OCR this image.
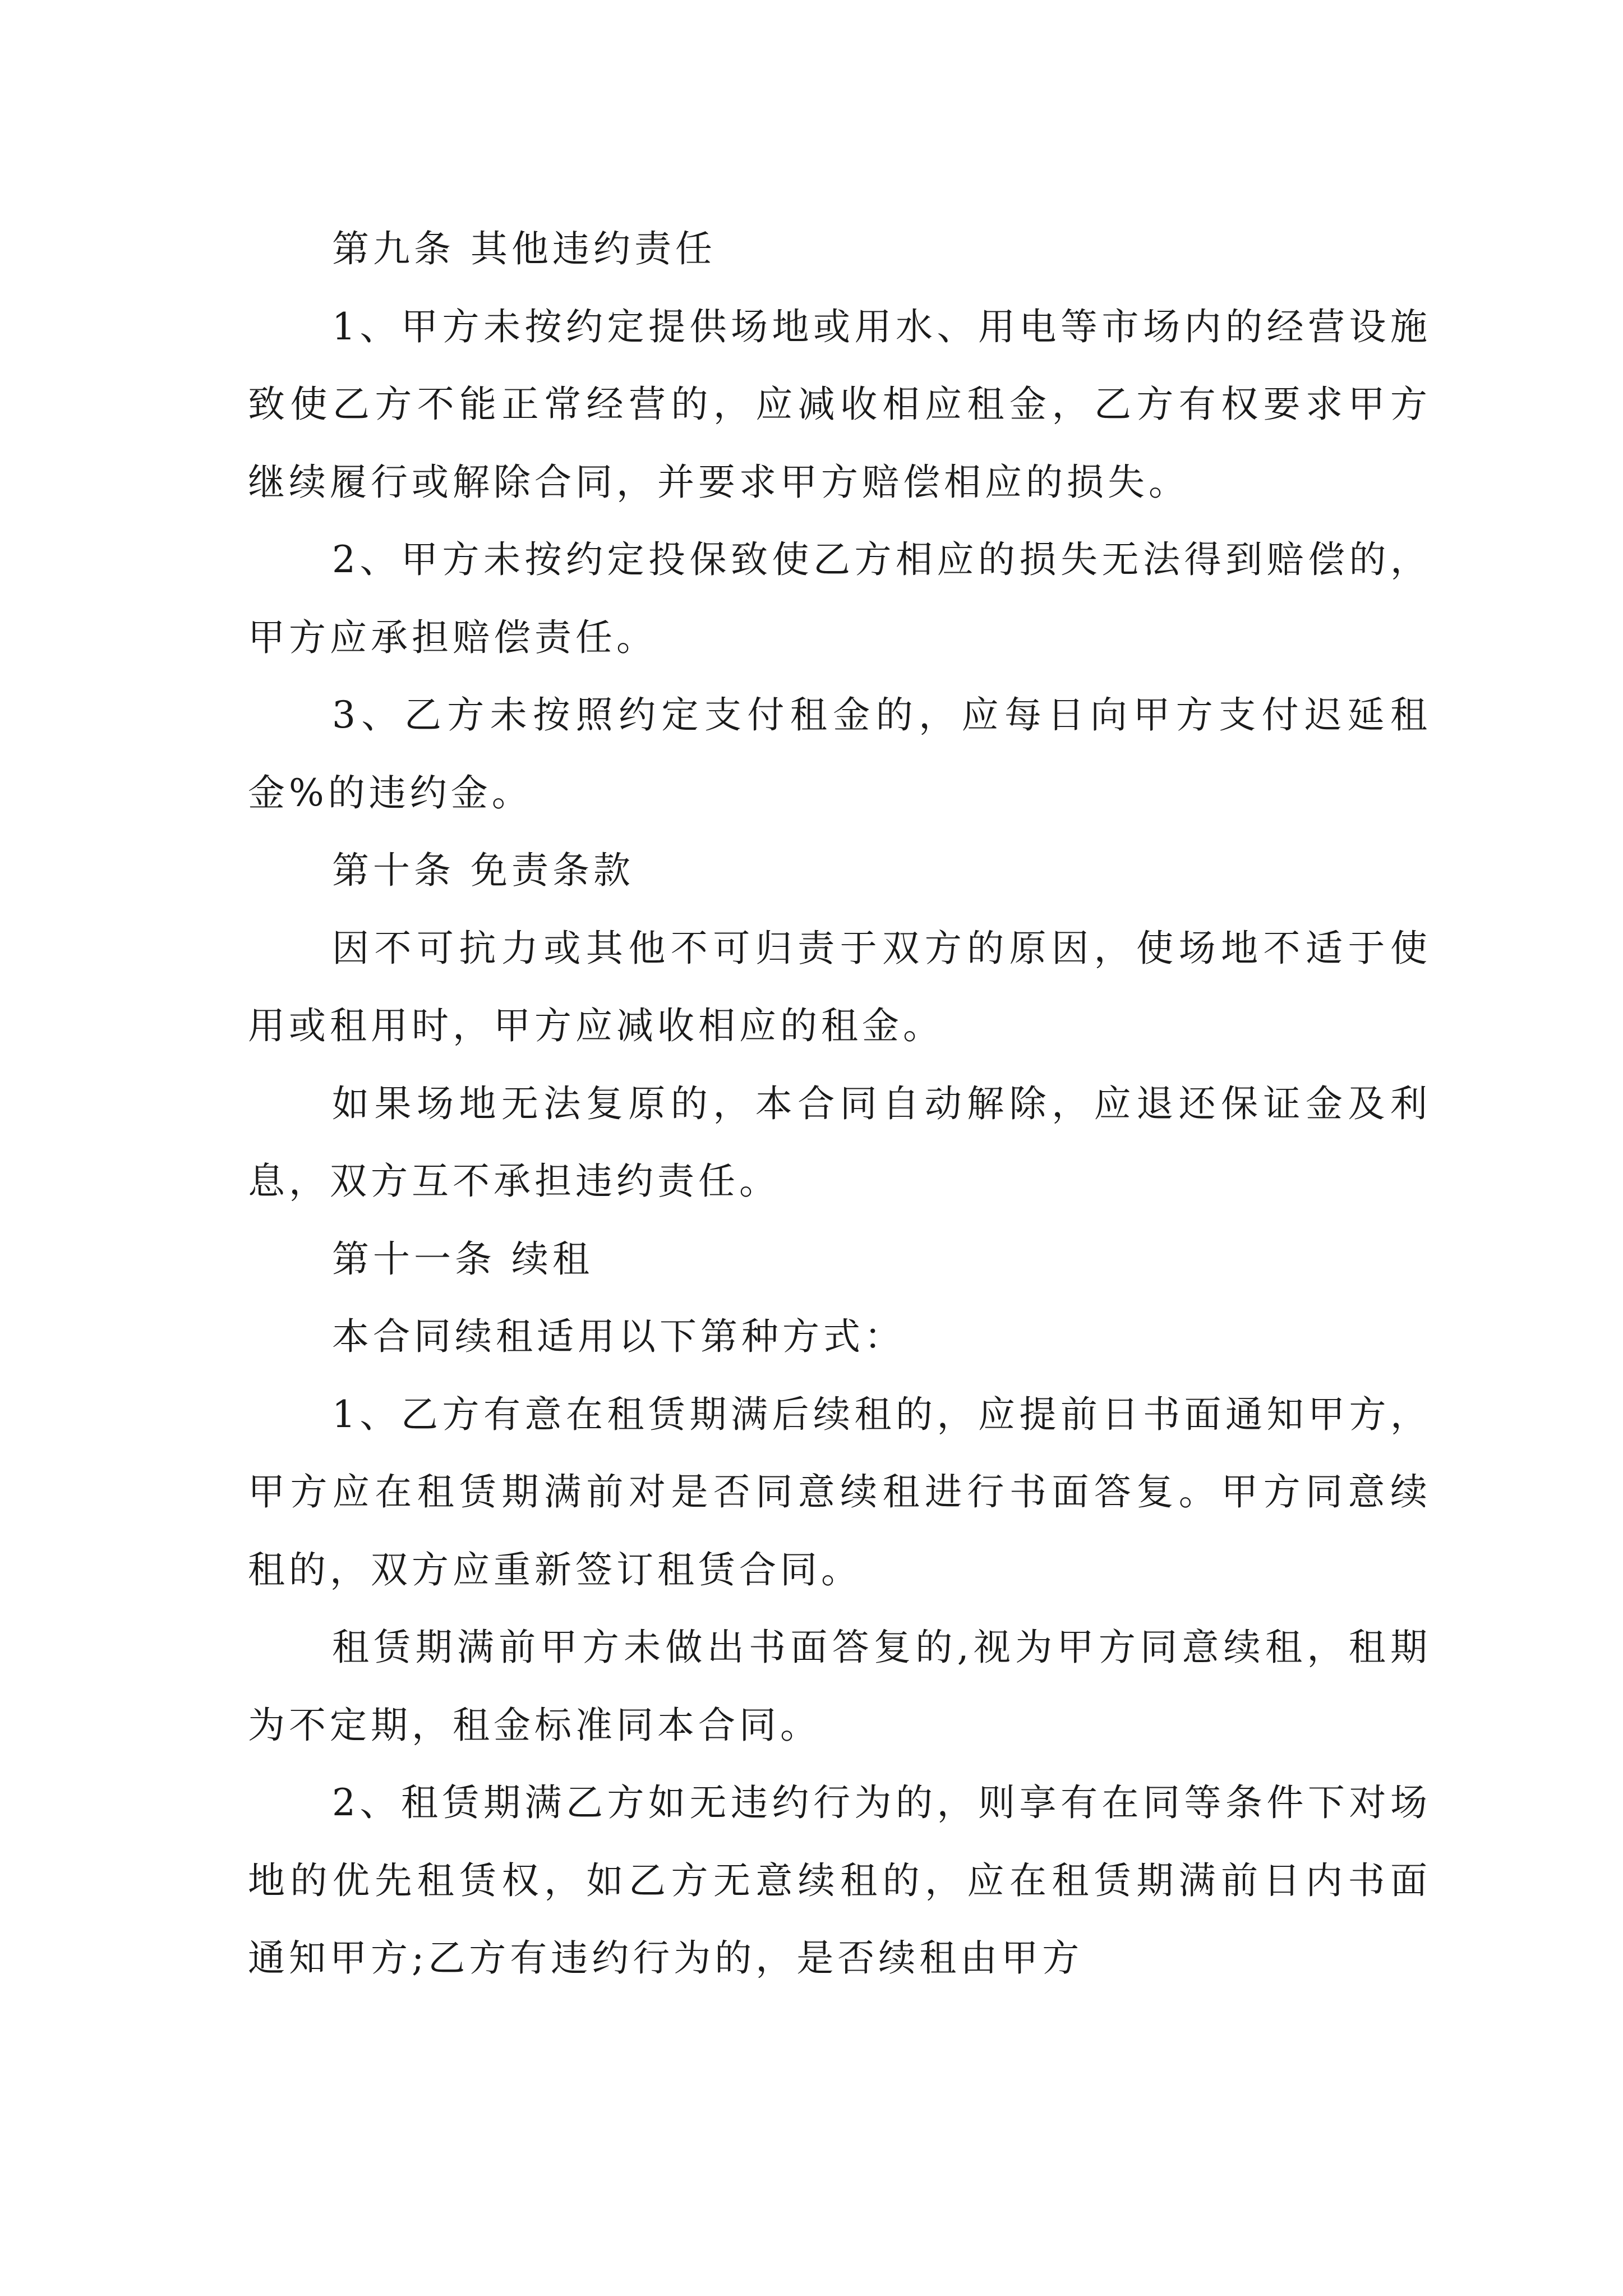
第九条 其他违约责任

1、甲方未按约定提供场地或用水、用电等市场内的经营设施致使乙方不能正常经营的，应减收相应租金，乙方有权要求甲方继续履行或解除合同，并要求甲方赔偿相应的损失。

2、甲方未按约定投保致使乙方相应的损失无法得到赔偿的，甲方应承担赔偿责任。

3、乙方未按照约定支付租金的，应每日向甲方支付迟延租金%的违约金。

第十条 免责条款

因不可抗力或其他不可归责于双方的原因，使场地不适于使用或租用时，甲方应减收相应的租金。

如果场地无法复原的，本合同自动解除，应退还保证金及利息，双方互不承担违约责任。

第十一条 续租

本合同续租适用以下第种方式：

1、乙方有意在租赁期满后续租的，应提前日书面通知甲方，甲方应在租赁期满前对是否同意续租进行书面答复。甲方同意续租的，双方应重新签订租赁合同。

租赁期满前甲方未做出书面答复的,视为甲方同意续租，租期为不定期，租金标准同本合同。

2、租赁期满乙方如无违约行为的，则享有在同等条件下对场地的优先租赁权，如乙方无意续租的，应在租赁期满前日内书面通知甲方;乙方有违约行为的，是否续租由甲方
